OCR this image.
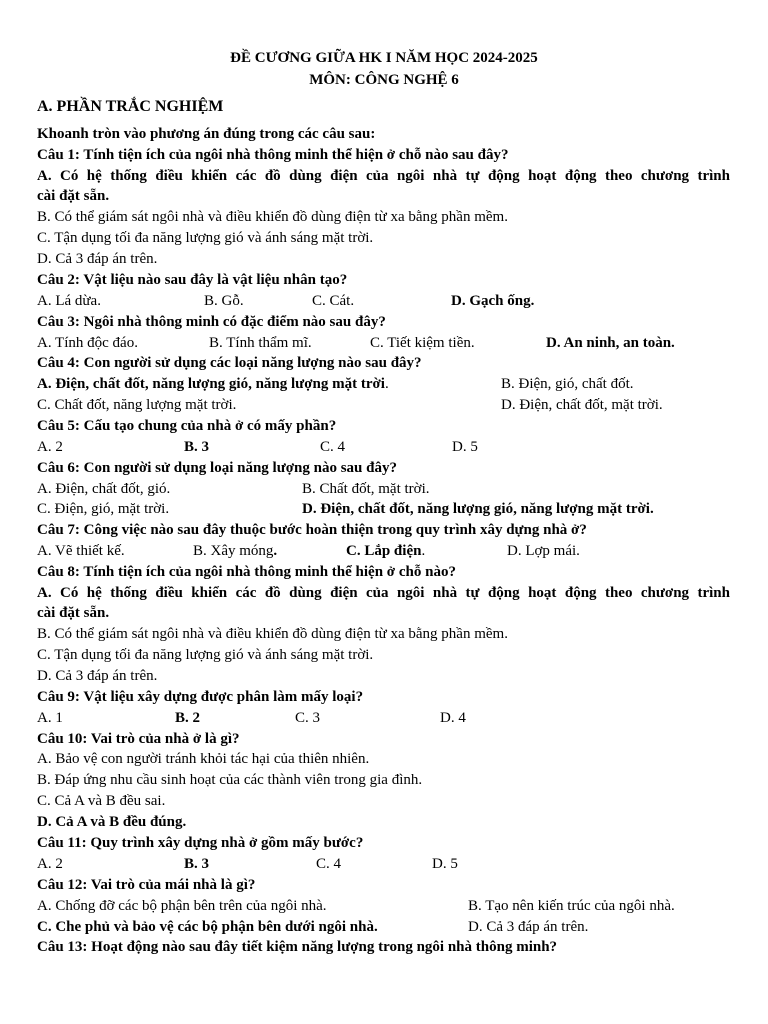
ĐỀ CƯƠNG GIỮA HK I NĂM HỌC 2024-2025
MÔN: CÔNG NGHỆ 6
A. PHẦN TRẮC NGHIỆM
Khoanh tròn vào phương án đúng trong các câu sau:
Câu 1: Tính tiện ích của ngôi nhà thông minh thể hiện ở chỗ nào sau đây?
A. Có hệ thống điều khiển các đồ dùng điện của ngôi nhà tự động hoạt động theo chương trình
cài đặt sẵn.
B. Có thể giám sát ngôi nhà và điều khiển đồ dùng điện từ xa bằng phần mềm.
C. Tận dụng tối đa năng lượng gió và ánh sáng mặt trời.
D. Cả 3 đáp án trên.
Câu 2: Vật liệu nào sau đây là vật liệu nhân tạo?
A. Lá dừa.	B. Gỗ.	C. Cát.	D. Gạch ống.
Câu 3: Ngôi nhà thông minh có đặc điểm nào sau đây?
A. Tính độc đáo.	B. Tính thẩm mĩ.	C. Tiết kiệm tiền.	D. An ninh, an toàn.
Câu 4: Con người sử dụng các loại năng lượng nào sau đây?
A. Điện, chất đốt, năng lượng gió, năng lượng mặt trời.	B. Điện, gió, chất đốt.
C. Chất đốt, năng lượng mặt trời.	D. Điện, chất đốt, mặt trời.
Câu 5: Cấu tạo chung của nhà ở có mấy phần?
A. 2	B. 3	C. 4	D. 5
Câu 6: Con người sử dụng loại năng lượng nào sau đây?
A. Điện, chất đốt, gió.	B. Chất đốt, mặt trời.
C. Điện, gió, mặt trời.	D. Điện, chất đốt, năng lượng gió, năng lượng mặt trời.
Câu 7: Công việc nào sau đây thuộc bước hoàn thiện trong quy trình xây dựng nhà ở?
A. Vẽ thiết kế.	B. Xây móng.	C. Lắp điện.	D. Lợp mái.
Câu 8: Tính tiện ích của ngôi nhà thông minh thể hiện ở chỗ nào?
A. Có hệ thống điều khiển các đồ dùng điện của ngôi nhà tự động hoạt động theo chương trình
cài đặt sẵn.
B. Có thể giám sát ngôi nhà và điều khiển đồ dùng điện từ xa bằng phần mềm.
C. Tận dụng tối đa năng lượng gió và ánh sáng mặt trời.
D. Cả 3 đáp án trên.
Câu 9: Vật liệu xây dựng được phân làm mấy loại?
A. 1	B. 2	C. 3	D. 4
Câu 10: Vai trò của nhà ở là gì?
A. Bảo vệ con người tránh khỏi tác hại của thiên nhiên.
B. Đáp ứng nhu cầu sinh hoạt của các thành viên trong gia đình.
C. Cả A và B đều sai.
D. Cả A và B đều đúng.
Câu 11: Quy trình xây dựng nhà ở gồm mấy bước?
A. 2	B. 3	C. 4	D. 5
Câu 12: Vai trò của mái nhà là gì?
A. Chống đỡ các bộ phận bên trên của ngôi nhà.	B. Tạo nên kiến trúc của ngôi nhà.
C. Che phủ và bảo vệ các bộ phận bên dưới ngôi nhà.	D. Cả 3 đáp án trên.
Câu 13: Hoạt động nào sau đây tiết kiệm năng lượng trong ngôi nhà thông minh?
